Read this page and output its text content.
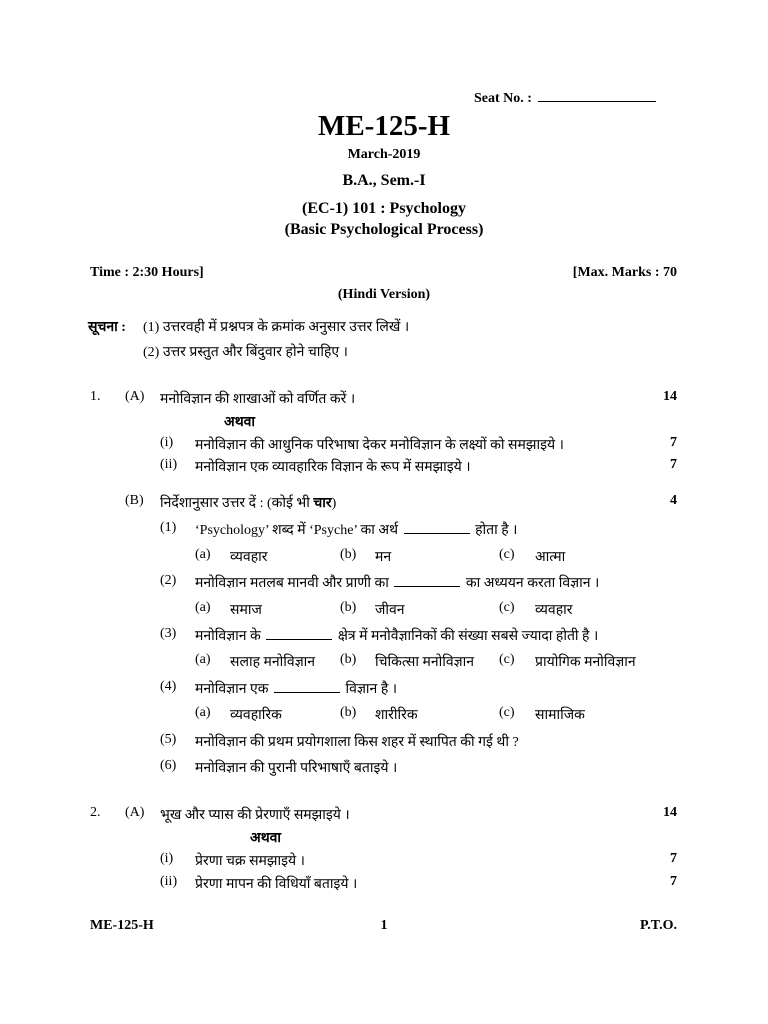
Seat No. :
ME-125-H
March-2019
B.A., Sem.-I
(EC-1) 101 : Psychology
(Basic Psychological Process)
Time : 2:30 Hours]	[Max. Marks : 70
(Hindi Version)
सूचना : (1) उत्तरवही में प्रश्नपत्र के क्रमांक अनुसार उत्तर लिखें ।
(2) उत्तर प्रस्तुत और बिंदुवार होने चाहिए ।
1. (A) मनोविज्ञान की शाखाओं को वर्णित करें ।	14
अथवा
(i) मनोविज्ञान की आधुनिक परिभाषा देकर मनोविज्ञान के लक्ष्यों को समझाइये ।	7
(ii) मनोविज्ञान एक व्यावहारिक विज्ञान के रूप में समझाइये ।	7
(B) निर्देशानुसार उत्तर दें : (कोई भी चार)	4
(1) ‘Psychology’ शब्द में ‘Psyche’ का अर्थ	होता है ।
(a) व्यवहार	(b) मन	(c) आत्मा
(2) मनोविज्ञान मतलब मानवी और प्राणी का	का अध्ययन करता विज्ञान ।
(a) समाज	(b) जीवन	(c) व्यवहार
(3) मनोविज्ञान के	क्षेत्र में मनोवैज्ञानिकों की संख्या सबसे ज्यादा होती है ।
(a) सलाह मनोविज्ञान (b) चिकित्सा मनोविज्ञान (c) प्रायोगिक मनोविज्ञान
(4) मनोविज्ञान एक	विज्ञान है ।
(a) व्यवहारिक	(b) शारीरिक	(c) सामाजिक
(5) मनोविज्ञान की प्रथम प्रयोगशाला किस शहर में स्थापित की गई थी ?
(6) मनोविज्ञान की पुरानी परिभाषाएँ बताइये ।
2. (A) भूख और प्यास की प्रेरणाएँ समझाइये ।	14
अथवा
(i) प्रेरणा चक्र समझाइये ।	7
(ii) प्रेरणा मापन की विधियाँ बताइये ।	7
ME-125-H	1	P.T.O.
